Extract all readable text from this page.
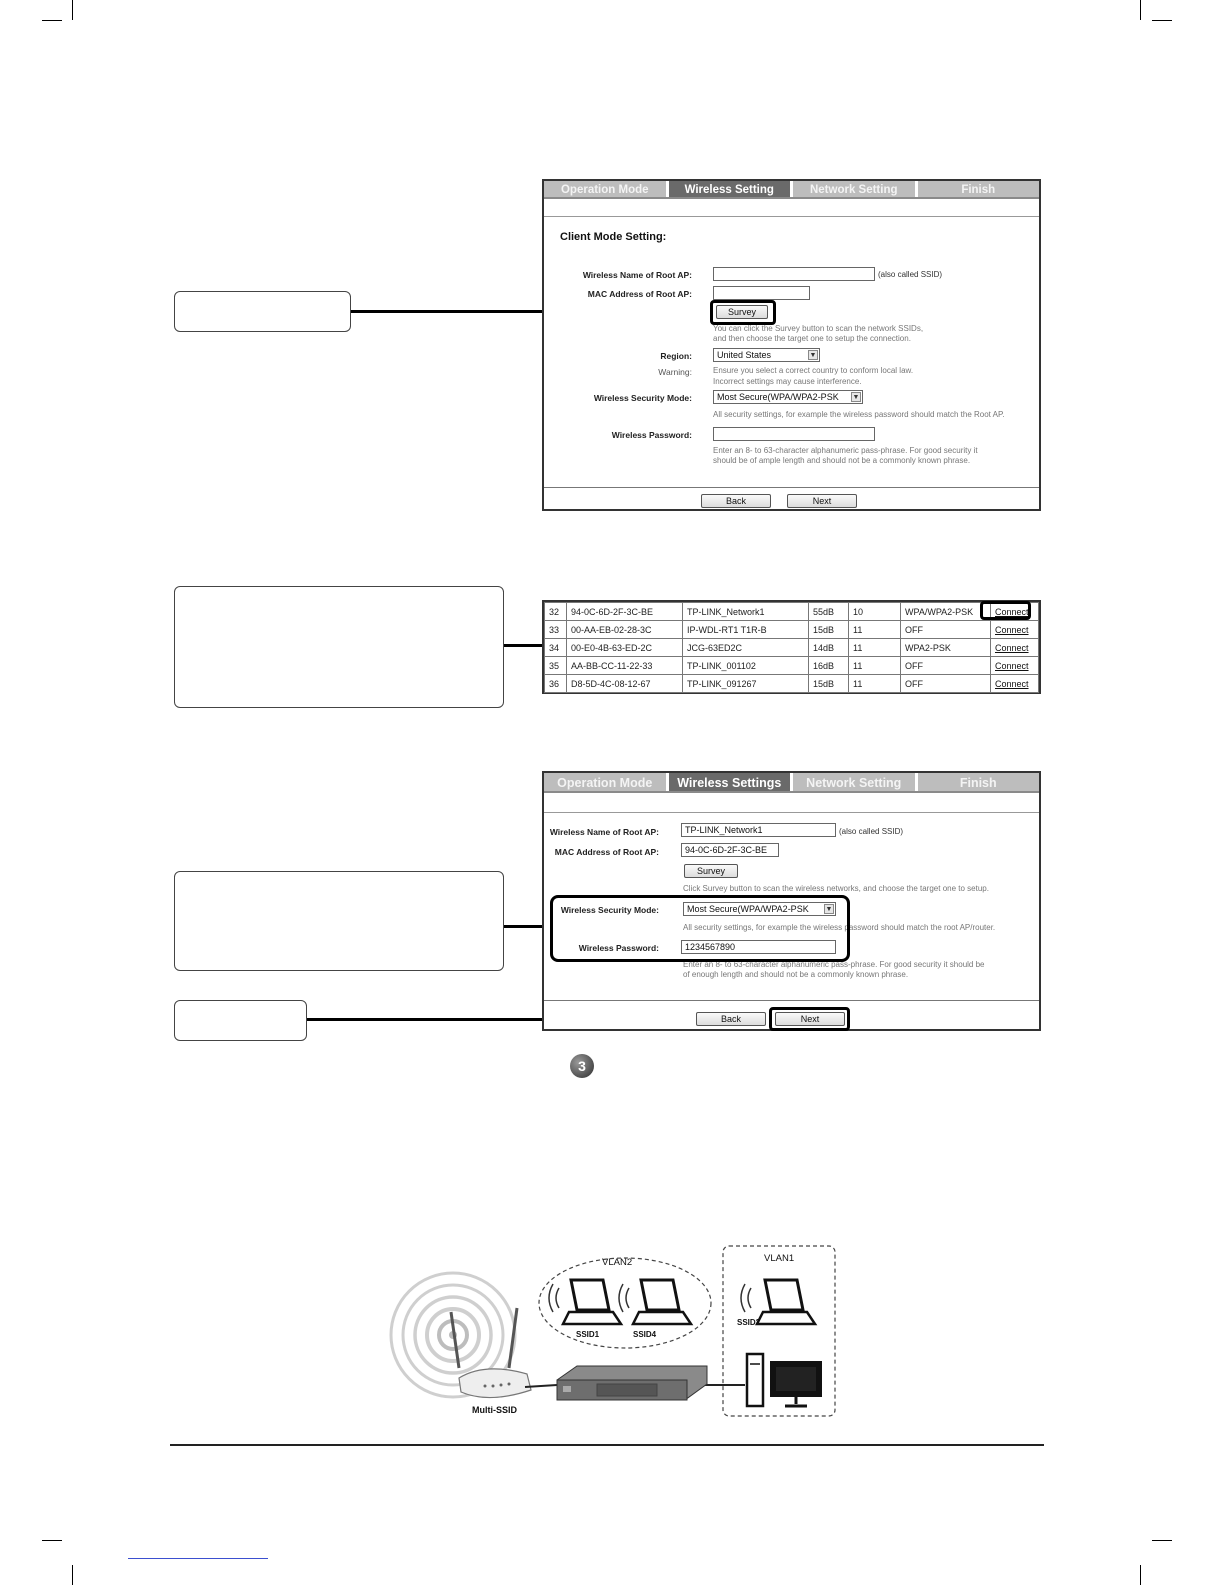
Operation Mode	Wireless Setting	Network Setting	Finish
Client Mode Setting:
Wireless Name of Root AP:	(also called SSID)
MAC Address of Root AP:
Survey
You can click the Survey button to scan the network SSIDs,
and then choose the target one to setup the connection.
Region:	United States	▼
Warning:	Ensure you select a correct country to conform local law.
Incorrect settings may cause interference.
Wireless Security Mode:	Most Secure(WPA/WPA2-PSK ▼
All security settings, for example the wireless password should match the Root AP.
Wireless Password:
Enter an 8- to 63-character alphanumeric pass-phrase. For good security it
should be of ample length and should not be a commonly known phrase.
Back	Next
32	94-0C-6D-2F-3C-BE	TP-LINK_Network1	55dB	10	WPA/WPA2-PSK	Connect
33	00-AA-EB-02-28-3C	IP-WDL-RT1 T1R-B	15dB	11	OFF	Connect
34	00-E0-4B-63-ED-2C	JCG-63ED2C	14dB	11	WPA2-PSK	Connect
35	AA-BB-CC-11-22-33	TP-LINK_001102	16dB	11	OFF	Connect
36	D8-5D-4C-08-12-67	TP-LINK_091267	15dB	11	OFF	Connect
Operation Mode	Wireless Settings	Network Setting	Finish
Wireless Name of Root AP:	TP-LINK_Network1	(also called SSID)
MAC Address of Root AP:	94-0C-6D-2F-3C-BE
Survey
Click Survey button to scan the wireless networks, and choose the target one to setup.
Wireless Security Mode:	Most Secure(WPA/WPA2-PSK ▼
All security settings, for example the wireless password should match the root AP/router.
Wireless Password:	1234567890
Enter an 8- to 63-character alphanumeric pass-phrase. For good security it should be
of enough length and should not be a commonly known phrase.
Back	Next
3
VLAN2	VLAN1
SSID1	SSID4
SSID2
Multi-SSID
